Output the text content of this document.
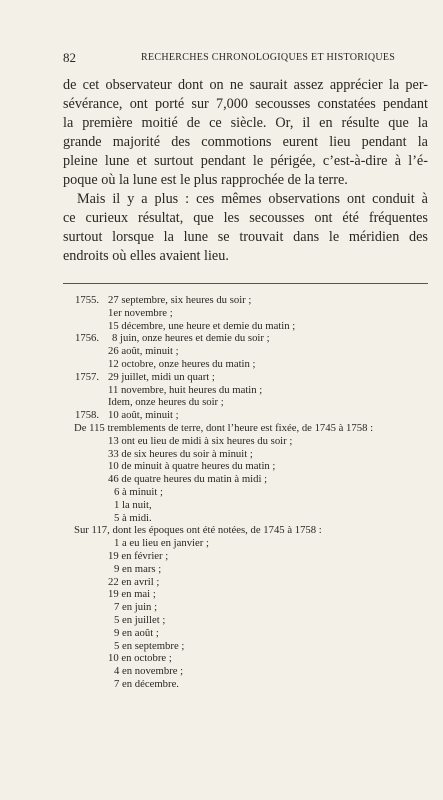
82	RECHERCHES CHRONOLOGIQUES ET HISTORIQUES
de cet observateur dont on ne saurait assez apprécier la per-
sévérance, ont porté sur 7,000 secousses constatées pendant
la première moitié de ce siècle. Or, il en résulte que la
grande majorité des commotions eurent lieu pendant la
pleine lune et surtout pendant le périgée, c’est-à-dire à l’é-
poque où la lune est le plus rapprochée de la terre.
Mais il y a plus : ces mêmes observations ont conduit à
ce curieux résultat, que les secousses ont été fréquentes
surtout lorsque la lune se trouvait dans le méridien des
endroits où elles avaient lieu.
1755. 27 septembre, six heures du soir ;
1er novembre ;
15 décembre, une heure et demie du matin ;
1756. 8 juin, onze heures et demie du soir ;
26 août, minuit ;
12 octobre, onze heures du matin ;
1757. 29 juillet, midi un quart ;
11 novembre, huit heures du matin ;
Idem, onze heures du soir ;
1758. 10 août, minuit ;
De 115 tremblements de terre, dont l’heure est fixée, de 1745 à 1758 :
13 ont eu lieu de midi à six heures du soir ;
33 de six heures du soir à minuit ;
10 de minuit à quatre heures du matin ;
46 de quatre heures du matin à midi ;
6 à minuit ;
1 la nuit,
5 à midi.
Sur 117, dont les époques ont été notées, de 1745 à 1758 :
1 a eu lieu en janvier ;
19 en février ;
9 en mars ;
22 en avril ;
19 en mai ;
7 en juin ;
5 en juillet ;
9 en août ;
5 en septembre ;
10 en octobre ;
4 en novembre ;
7 en décembre.
